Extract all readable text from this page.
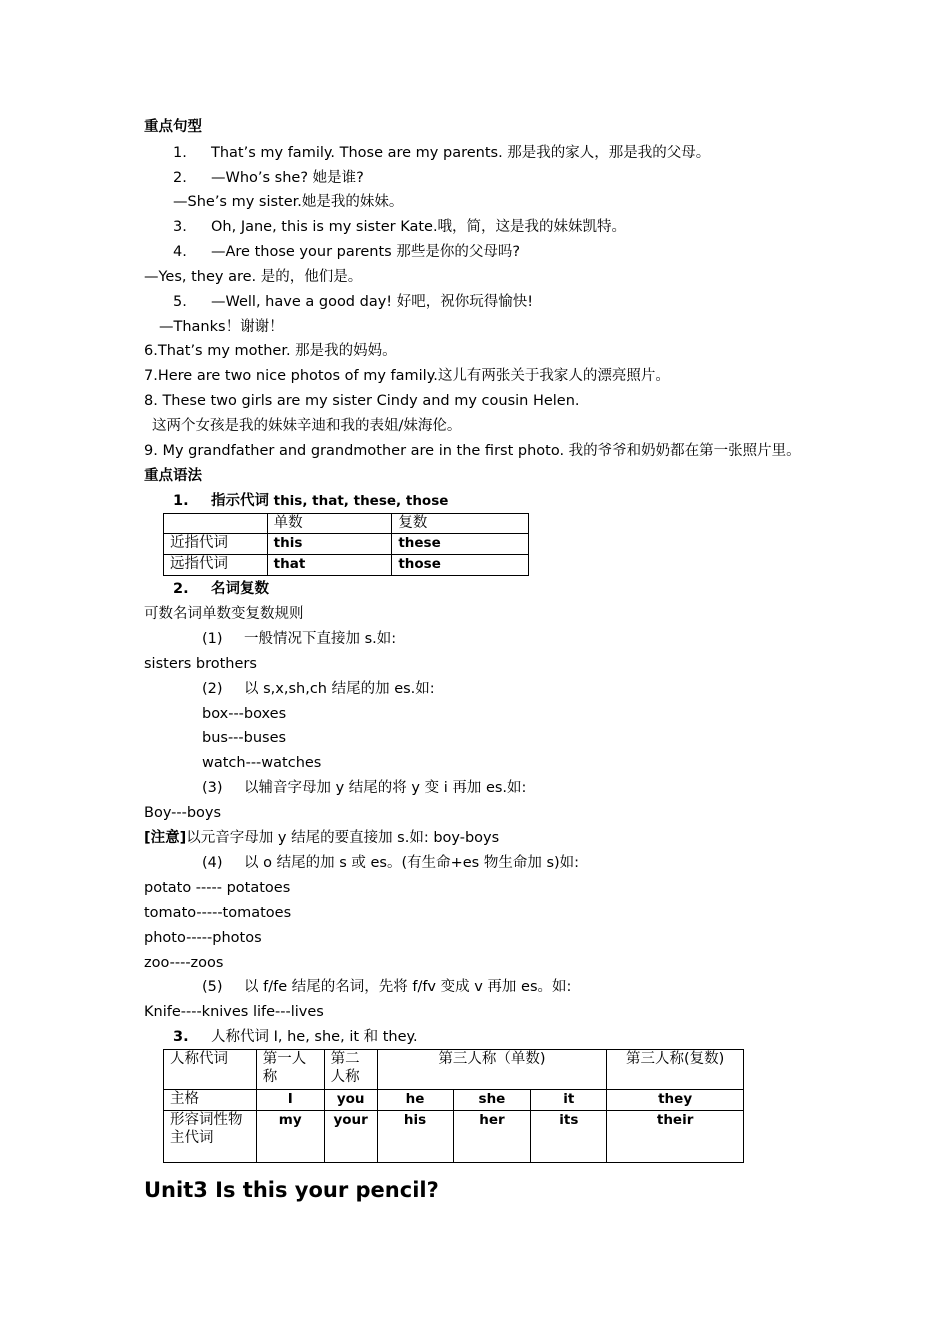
重点句型
1. That’s my family. Those are my parents. 那是我的家人，那是我的父母。
2. —Who’s she? 她是谁?
—She’s my sister.她是我的妹妹。
3. Oh, Jane, this is my sister Kate.哦，简，这是我的妹妹凯特。
4. —Are those your parents 那些是你的父母吗?
—Yes, they are. 是的，他们是。
5. —Well, have a good day! 好吧，祝你玩得愉快!
—Thanks！谢谢！
6.That’s my mother. 那是我的妈妈。
7.Here are two nice photos of my family.这儿有两张关于我家人的漂亮照片。
8. These two girls are my sister Cindy and my cousin Helen.
这两个女孩是我的妹妹辛迪和我的表姐/妹海伦。
9. My grandfather and grandmother are in the first photo. 我的爷爷和奶奶都在第一张照片里。
重点语法
1. 指示代词 this, that, these, those
	单数	复数
近指代词	this	these
远指代词	that	those
2. 名词复数
可数名词单数变复数规则
(1) 一般情况下直接加 s.如:
sisters brothers
(2) 以 s,x,sh,ch 结尾的加 es.如:
box---boxes
bus---buses
watch---watches
(3) 以辅音字母加 y 结尾的将 y 变 i 再加 es.如:
Boy---boys
[注意]以元音字母加 y 结尾的要直接加 s.如: boy-boys
(4) 以 o 结尾的加 s 或 es。(有生命+es 物生命加 s)如:
potato ----- potatoes
tomato-----tomatoes
photo-----photos
zoo----zoos
(5) 以 f/fe 结尾的名词，先将 f/fv 变成 v 再加 es。如:
Knife----knives life---lives
3. 人称代词 I, he, she, it 和 they.
人称代词	第一人称	第二人称	第三人称（单数)			第三人称(复数)
主格	I	you	he	she	it	they
形容词性物主代词	my	your	his	her	its	their
Unit3 Is this your pencil?
